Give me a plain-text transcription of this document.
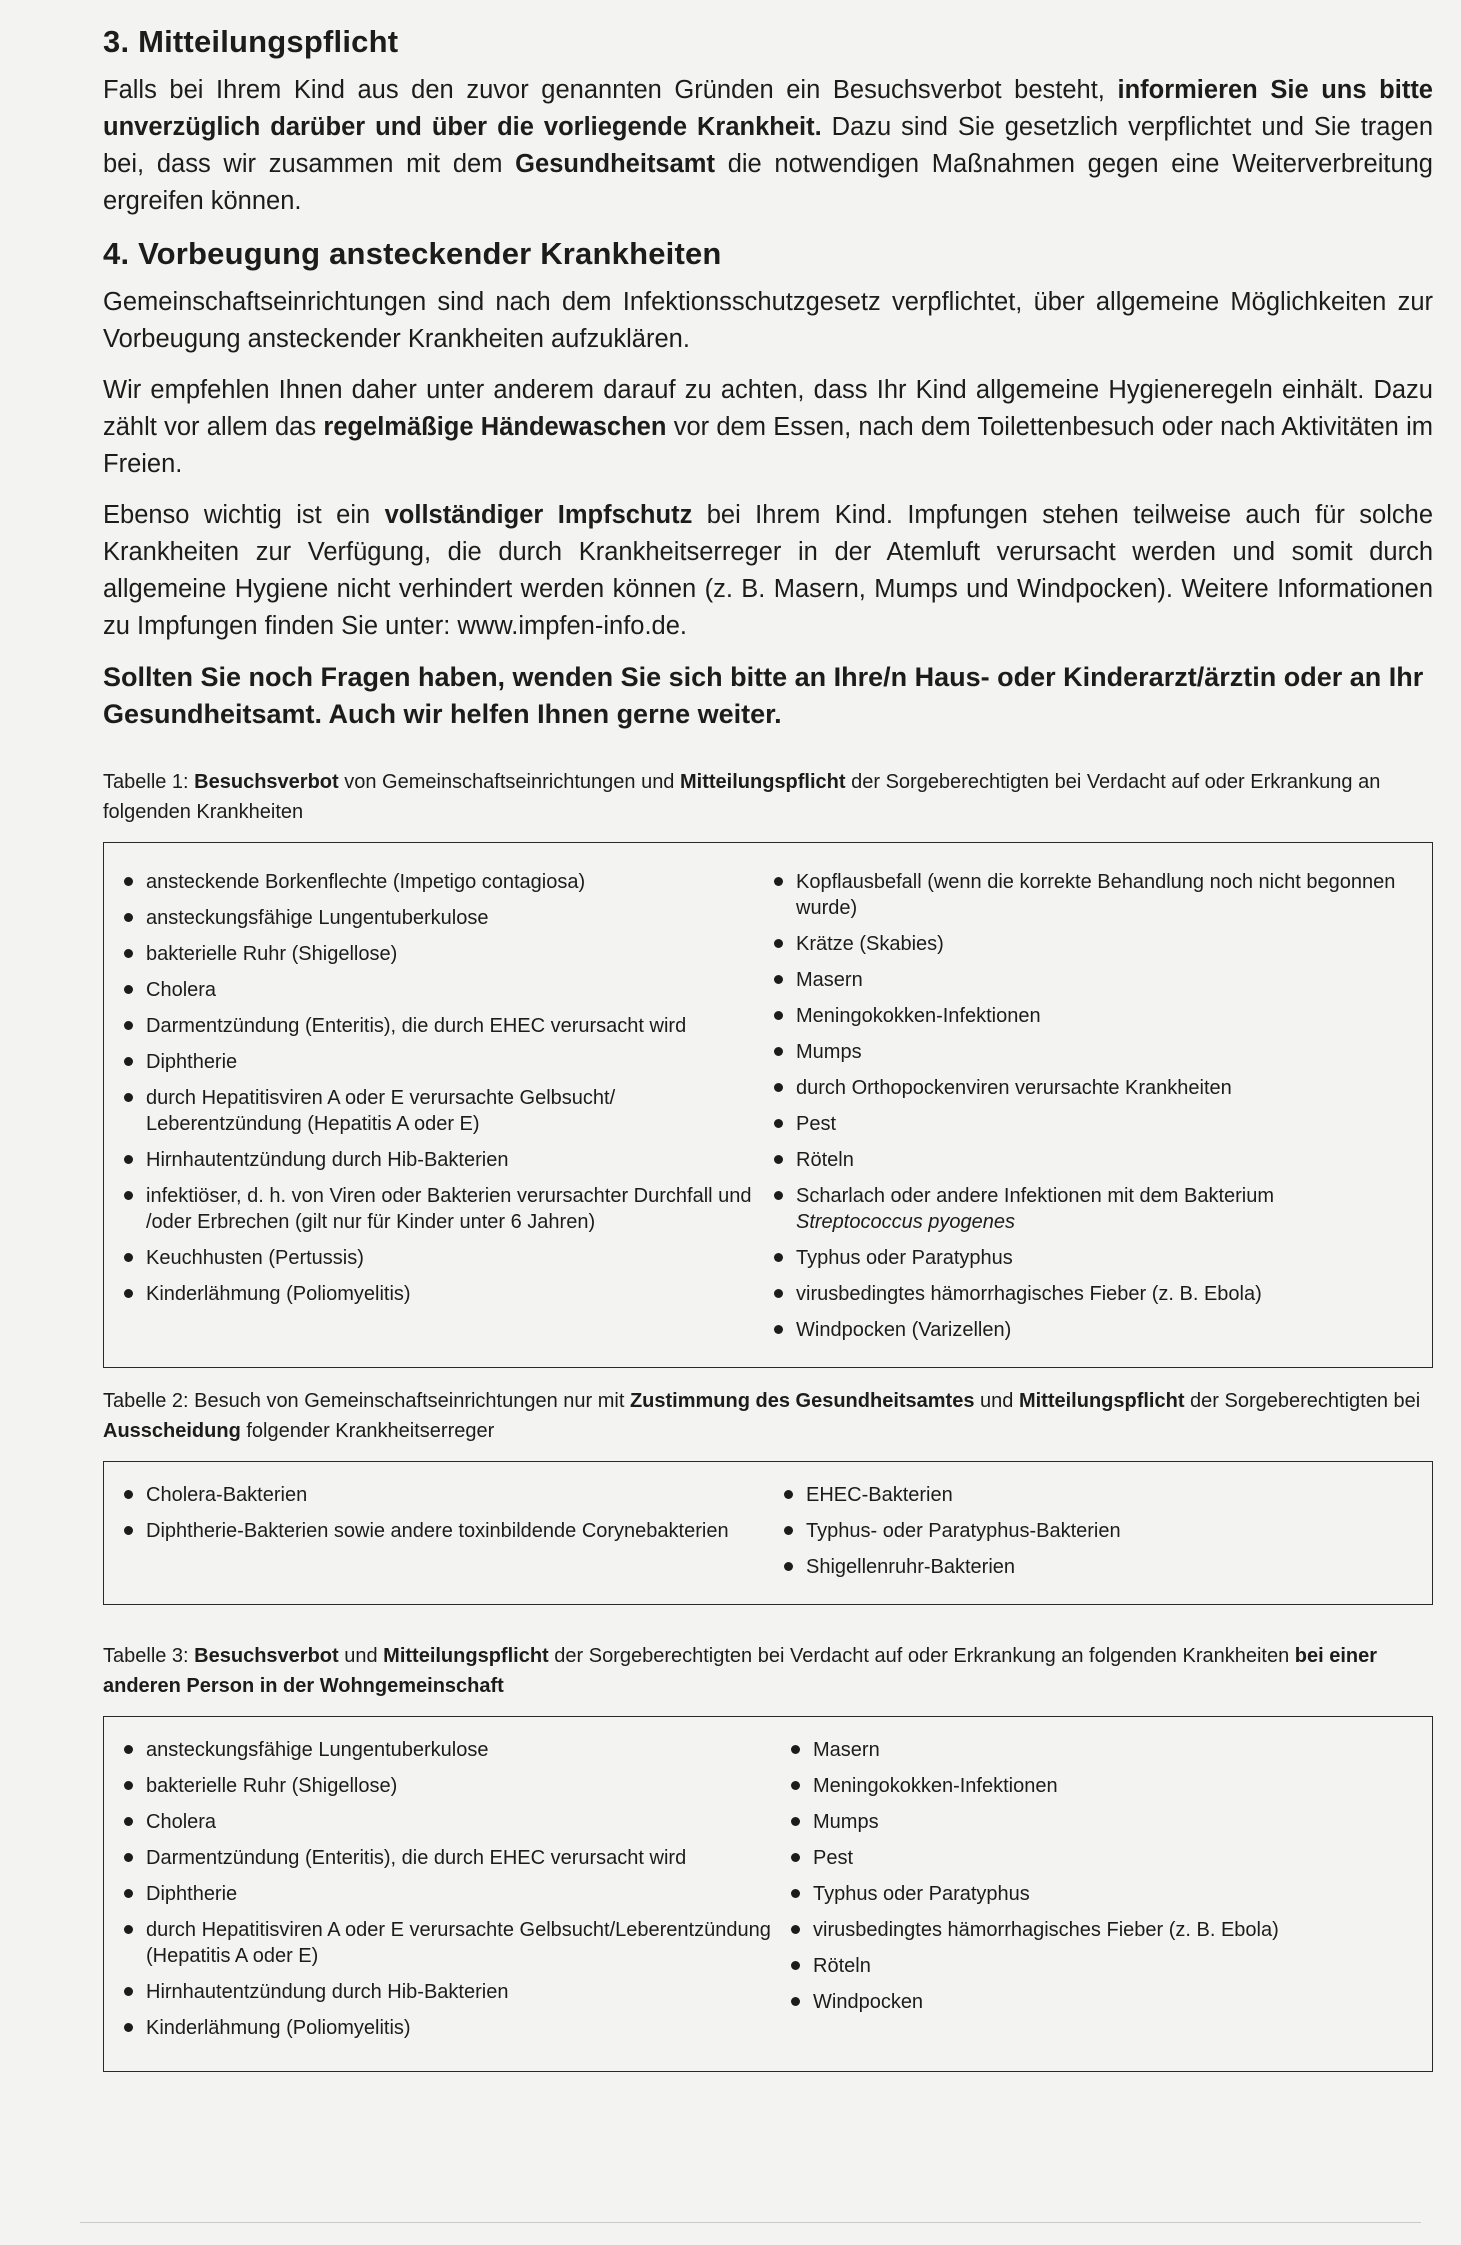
3. Mitteilungspflicht

Falls bei Ihrem Kind aus den zuvor genannten Gründen ein Besuchsverbot besteht, informieren Sie uns bitte unverzüglich darüber und über die vorliegende Krankheit. Dazu sind Sie gesetzlich verpflichtet und Sie tragen bei, dass wir zusammen mit dem Gesundheitsamt die notwendigen Maßnahmen gegen eine Weiterverbreitung ergreifen können.

4. Vorbeugung ansteckender Krankheiten

Gemeinschaftseinrichtungen sind nach dem Infektionsschutzgesetz verpflichtet, über allgemeine Möglichkeiten zur Vorbeugung ansteckender Krankheiten aufzuklären.

Wir empfehlen Ihnen daher unter anderem darauf zu achten, dass Ihr Kind allgemeine Hygieneregeln einhält. Dazu zählt vor allem das regelmäßige Händewaschen vor dem Essen, nach dem Toilettenbesuch oder nach Aktivitäten im Freien.

Ebenso wichtig ist ein vollständiger Impfschutz bei Ihrem Kind. Impfungen stehen teilweise auch für solche Krankheiten zur Verfügung, die durch Krankheitserreger in der Atemluft verursacht werden und somit durch allgemeine Hygiene nicht verhindert werden können (z. B. Masern, Mumps und Windpocken). Weitere Informationen zu Impfungen finden Sie unter: www.impfen-info.de.

Sollten Sie noch Fragen haben, wenden Sie sich bitte an Ihre/n Haus- oder Kinderarzt/ärztin oder an Ihr Gesundheitsamt. Auch wir helfen Ihnen gerne weiter.

Tabelle 1: Besuchsverbot von Gemeinschaftseinrichtungen und Mitteilungspflicht der Sorgeberechtigten bei Verdacht auf oder Erkrankung an folgenden Krankheiten

ansteckende Borkenflechte (Impetigo contagiosa)
ansteckungsfähige Lungentuberkulose
bakterielle Ruhr (Shigellose)
Cholera
Darmentzündung (Enteritis), die durch EHEC verursacht wird
Diphtherie
durch Hepatitisviren A oder E verursachte Gelbsucht/ Leberentzündung (Hepatitis A oder E)
Hirnhautentzündung durch Hib-Bakterien
infektiöser, d. h. von Viren oder Bakterien verursachter Durchfall und /oder Erbrechen (gilt nur für Kinder unter 6 Jahren)
Keuchhusten (Pertussis)
Kinderlähmung (Poliomyelitis)
Kopflausbefall (wenn die korrekte Behandlung noch nicht begonnen wurde)
Krätze (Skabies)
Masern
Meningokokken-Infektionen
Mumps
durch Orthopockenviren verursachte Krankheiten
Pest
Röteln
Scharlach oder andere Infektionen mit dem Bakterium
Streptococcus pyogenes
Typhus oder Paratyphus
virusbedingtes hämorrhagisches Fieber (z. B. Ebola)
Windpocken (Varizellen)

Tabelle 2: Besuch von Gemeinschaftseinrichtungen nur mit Zustimmung des Gesundheitsamtes und Mitteilungspflicht der Sorgeberechtigten bei Ausscheidung folgender Krankheitserreger

Cholera-Bakterien
Diphtherie-Bakterien sowie andere toxinbildende Corynebakterien
EHEC-Bakterien
Typhus- oder Paratyphus-Bakterien
Shigellenruhr-Bakterien

Tabelle 3: Besuchsverbot und Mitteilungspflicht der Sorgeberechtigten bei Verdacht auf oder Erkrankung an folgenden Krankheiten bei einer anderen Person in der Wohngemeinschaft

ansteckungsfähige Lungentuberkulose
bakterielle Ruhr (Shigellose)
Cholera
Darmentzündung (Enteritis), die durch EHEC verursacht wird
Diphtherie
durch Hepatitisviren A oder E verursachte Gelbsucht/Leberentzündung (Hepatitis A oder E)
Hirnhautentzündung durch Hib-Bakterien
Kinderlähmung (Poliomyelitis)
Masern
Meningokokken-Infektionen
Mumps
Pest
Typhus oder Paratyphus
virusbedingtes hämorrhagisches Fieber (z. B. Ebola)
Röteln
Windpocken
